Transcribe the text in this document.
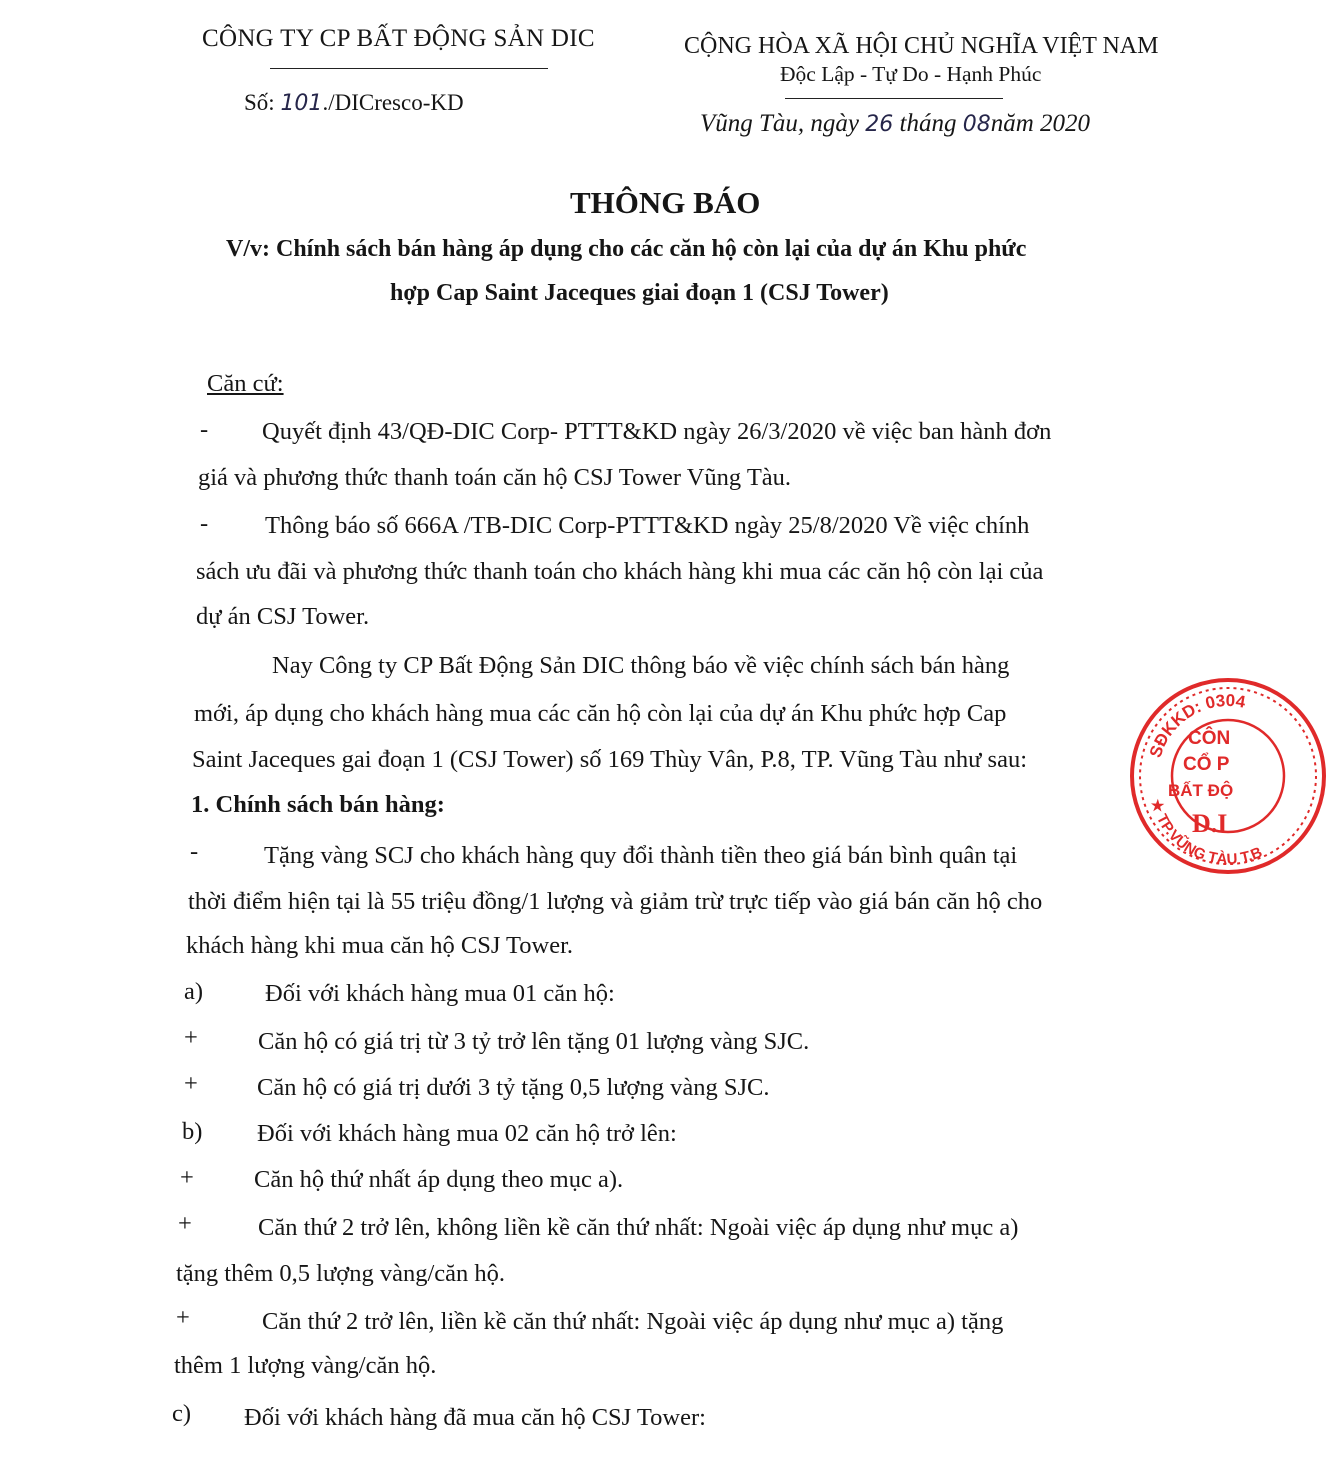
CÔNG TY CP BẤT ĐỘNG SẢN DIC
Số: 101./DICresco-KD
CỘNG HÒA XÃ HỘI CHỦ NGHĨA VIỆT NAM
Độc Lập - Tự Do - Hạnh Phúc
Vũng Tàu, ngày 26 tháng 08năm 2020
THÔNG BÁO
V/v: Chính sách bán hàng áp dụng cho các căn hộ còn lại của dự án Khu phức
hợp Cap Saint Jaceques giai đoạn 1 (CSJ Tower)
Căn cứ:
- Quyết định 43/QĐ-DIC Corp- PTTT&KD ngày 26/3/2020 về việc ban hành đơn
giá và phương thức thanh toán căn hộ CSJ Tower Vũng Tàu.
- Thông báo số 666A /TB-DIC Corp-PTTT&KD ngày 25/8/2020 Về việc chính
sách ưu đãi và phương thức thanh toán cho khách hàng khi mua các căn hộ còn lại của
dự án CSJ Tower.
Nay Công ty CP Bất Động Sản DIC thông báo về việc chính sách bán hàng
mới, áp dụng cho khách hàng mua các căn hộ còn lại của dự án Khu phức hợp Cap
Saint Jaceques gai đoạn 1 (CSJ Tower) số 169 Thùy Vân, P.8, TP. Vũng Tàu như sau:
1. Chính sách bán hàng:
-	Tặng vàng SCJ cho khách hàng quy đổi thành tiền theo giá bán bình quân tại
thời điểm hiện tại là 55 triệu đồng/1 lượng và giảm trừ trực tiếp vào giá bán căn hộ cho
khách hàng khi mua căn hộ CSJ Tower.
a)	Đối với khách hàng mua 01 căn hộ:
+ Căn hộ có giá trị từ 3 tỷ trở lên tặng 01 lượng vàng SJC.
+ Căn hộ có giá trị dưới 3 tỷ tặng 0,5 lượng vàng SJC.
b) Đối với khách hàng mua 02 căn hộ trở lên:
+ Căn hộ thứ nhất áp dụng theo mục a).
+	Căn thứ 2 trở lên, không liền kề căn thứ nhất: Ngoài việc áp dụng như mục a)
tặng thêm 0,5 lượng vàng/căn hộ.
+	Căn thứ 2 trở lên, liền kề căn thứ nhất: Ngoài việc áp dụng như mục a) tặng
thêm 1 lượng vàng/căn hộ.
c) Đối với khách hàng đã mua căn hộ CSJ Tower:
SĐKKD: 0304
★ TP.VŨNG TÀU T.B
CÔN
CỔ P
BẤT ĐỘ
D.I
